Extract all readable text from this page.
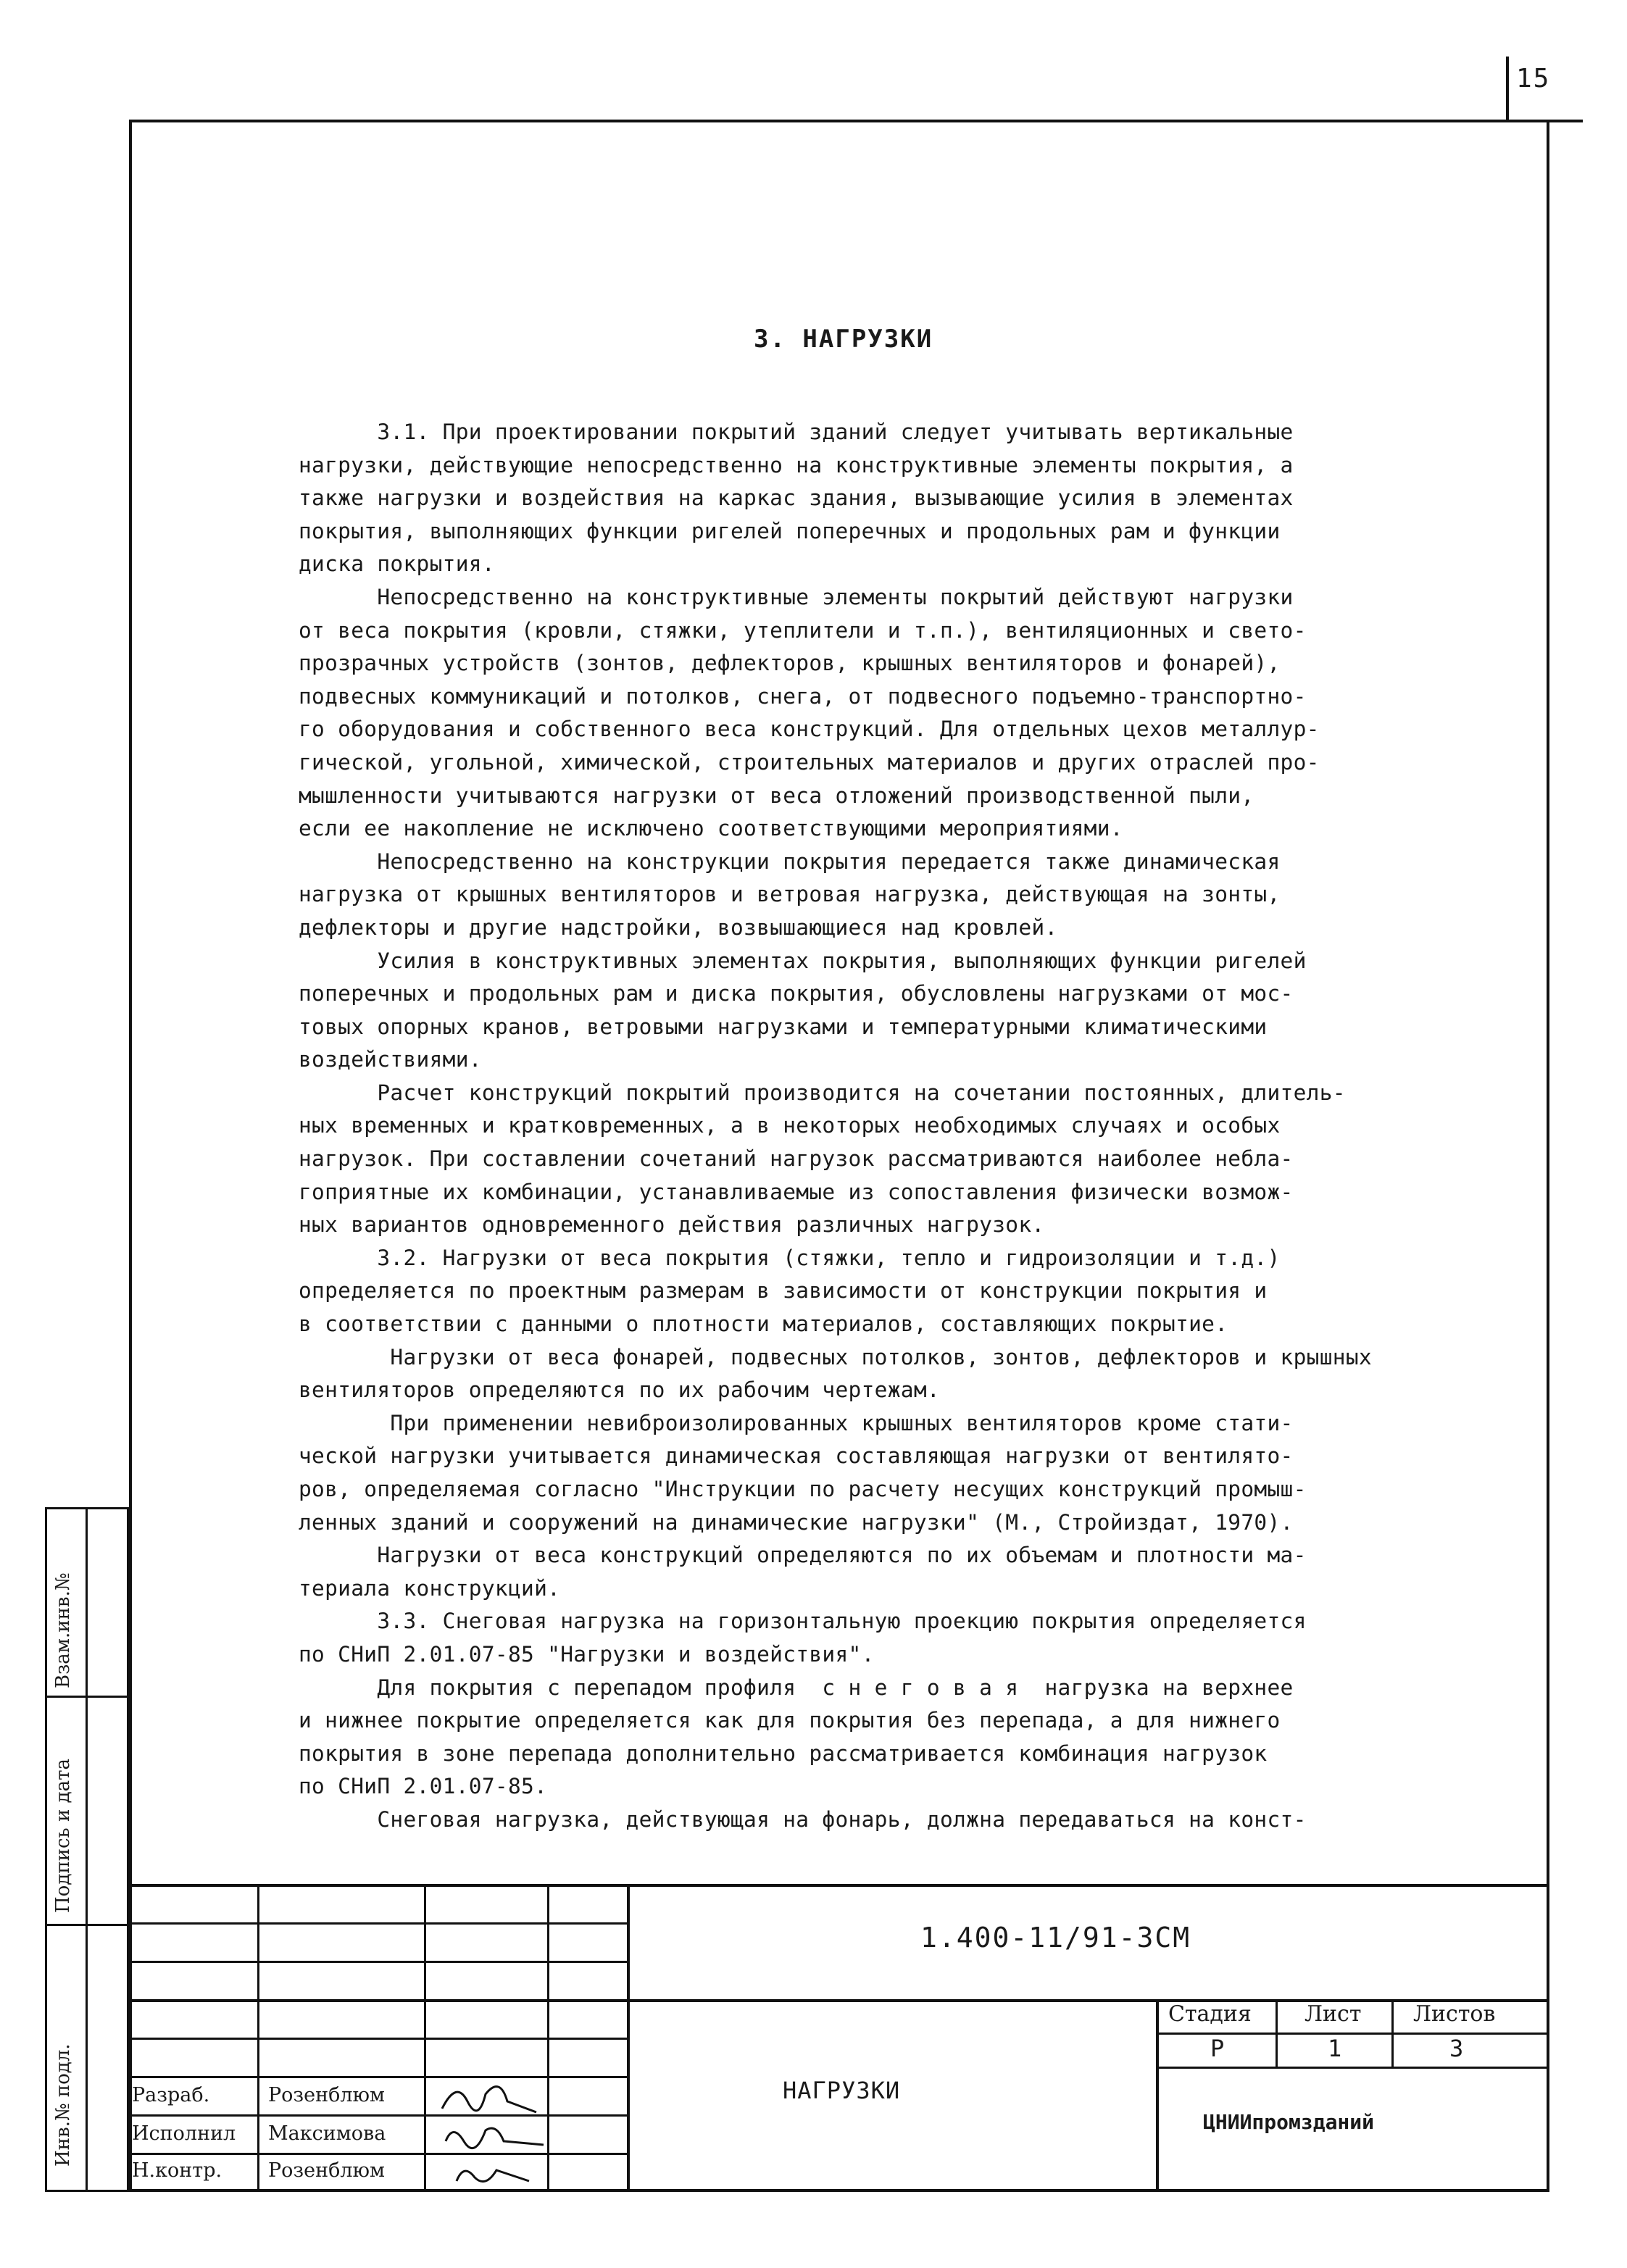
15
3. НАГРУЗКИ
3.1. При проектировании покрытий зданий следует учитывать вертикальные
нагрузки, действующие непосредственно на конструктивные элементы покрытия, а
также нагрузки и воздействия на каркас здания, вызывающие усилия в элементах
покрытия, выполняющих функции ригелей поперечных и продольных рам и функции
диска покрытия.
Непосредственно на конструктивные элементы покрытий действуют нагрузки
от веса покрытия (кровли, стяжки, утеплители и т.п.), вентиляционных и свето-
прозрачных устройств (зонтов, дефлекторов, крышных вентиляторов и фонарей),
подвесных коммуникаций и потолков, снега, от подвесного подъемно-транспортно-
го оборудования и собственного веса конструкций. Для отдельных цехов металлур-
гической, угольной, химической, строительных материалов и других отраслей про-
мышленности учитываются нагрузки от веса отложений производственной пыли,
если ее накопление не исключено соответствующими мероприятиями.
Непосредственно на конструкции покрытия передается также динамическая
нагрузка от крышных вентиляторов и ветровая нагрузка, действующая на зонты,
дефлекторы и другие надстройки, возвышающиеся над кровлей.
Усилия в конструктивных элементах покрытия, выполняющих функции ригелей
поперечных и продольных рам и диска покрытия, обусловлены нагрузками от мос-
товых опорных кранов, ветровыми нагрузками и температурными климатическими
воздействиями.
Расчет конструкций покрытий производится на сочетании постоянных, длитель-
ных временных и кратковременных, а в некоторых необходимых случаях и особых
нагрузок. При составлении сочетаний нагрузок рассматриваются наиболее небла-
гоприятные их комбинации, устанавливаемые из сопоставления физически возмож-
ных вариантов одновременного действия различных нагрузок.
3.2. Нагрузки от веса покрытия (стяжки, тепло и гидроизоляции и т.д.)
определяется по проектным размерам в зависимости от конструкции покрытия и
в соответствии с данными о плотности материалов, составляющих покрытие.
Нагрузки от веса фонарей, подвесных потолков, зонтов, дефлекторов и крышных
вентиляторов определяются по их рабочим чертежам.
При применении невиброизолированных крышных вентиляторов кроме стати-
ческой нагрузки учитывается динамическая составляющая нагрузки от вентилято-
ров, определяемая согласно "Инструкции по расчету несущих конструкций промыш-
ленных зданий и сооружений на динамические нагрузки" (М., Стройиздат, 1970).
Нагрузки от веса конструкций определяются по их объемам и плотности ма-
териала конструкций.
3.3. Снеговая нагрузка на горизонтальную проекцию покрытия определяется
по СНиП 2.01.07-85 "Нагрузки и воздействия".
Для покрытия с перепадом профиля  с н е г о в а я  нагрузка на верхнее
и нижнее покрытие определяется как для покрытия без перепада, а для нижнего
покрытия в зоне перепада дополнительно рассматривается комбинация нагрузок
по СНиП 2.01.07-85.
Снеговая нагрузка, действующая на фонарь, должна передаваться на конст-
Взам.инв.№
Подпись и дата
Инв.№ подл.
1.400-11/91-3СМ
НАГРУЗКИ
Стадия Лист Листов
Р	1	3
ЦНИИпромзданий
Разраб.	Розенблюм
Исполнил Максимова
Н.контр. Розенблюм
